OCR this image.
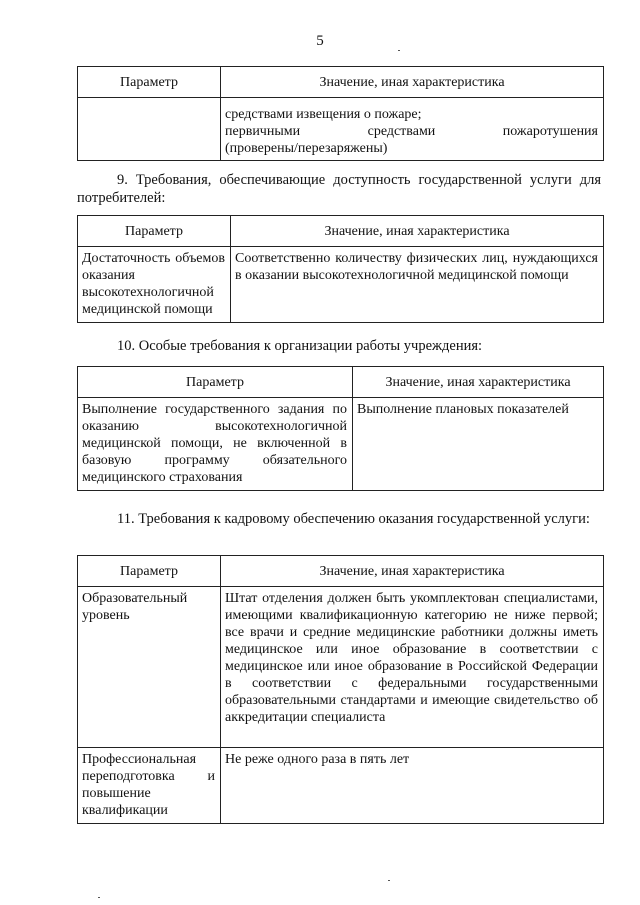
5
Параметр	Значение, иная характеристика

	средствами извещения о пожаре;
первичными средствами пожаротушения
(проверены/перезаряжены)
9. Требования, обеспечивающие доступность государственной услуги для потребителей:
Параметр	Значение, иная характеристика
Достаточность объемов оказания высокотехнологичной медицинской помощи	Соответственно количеству физических лиц, нуждающихся в оказании высокотехнологичной медицинской помощи
10. Особые требования к организации работы учреждения:
Параметр	Значение, иная характеристика
Выполнение государственного задания по оказанию высокотехнологичной медицинской помощи, не включенной в базовую программу обязательного медицинского страхования	Выполнение плановых показателей
11. Требования к кадровому обеспечению оказания государственной услуги:
Параметр	Значение, иная характеристика
Образовательный уровень	Штат отделения должен быть укомплектован специалистами, имеющими квалификационную категорию не ниже первой; все врачи и средние медицинские работники должны иметь медицинское или иное образование в соответствии с медицинское или иное образование в Российской Федерации в соответствии с федеральными государственными образовательными стандартами и имеющие свидетельство об аккредитации специалиста
Профессиональная переподготовка и повышение квалификации	Не реже одного раза в пять лет
